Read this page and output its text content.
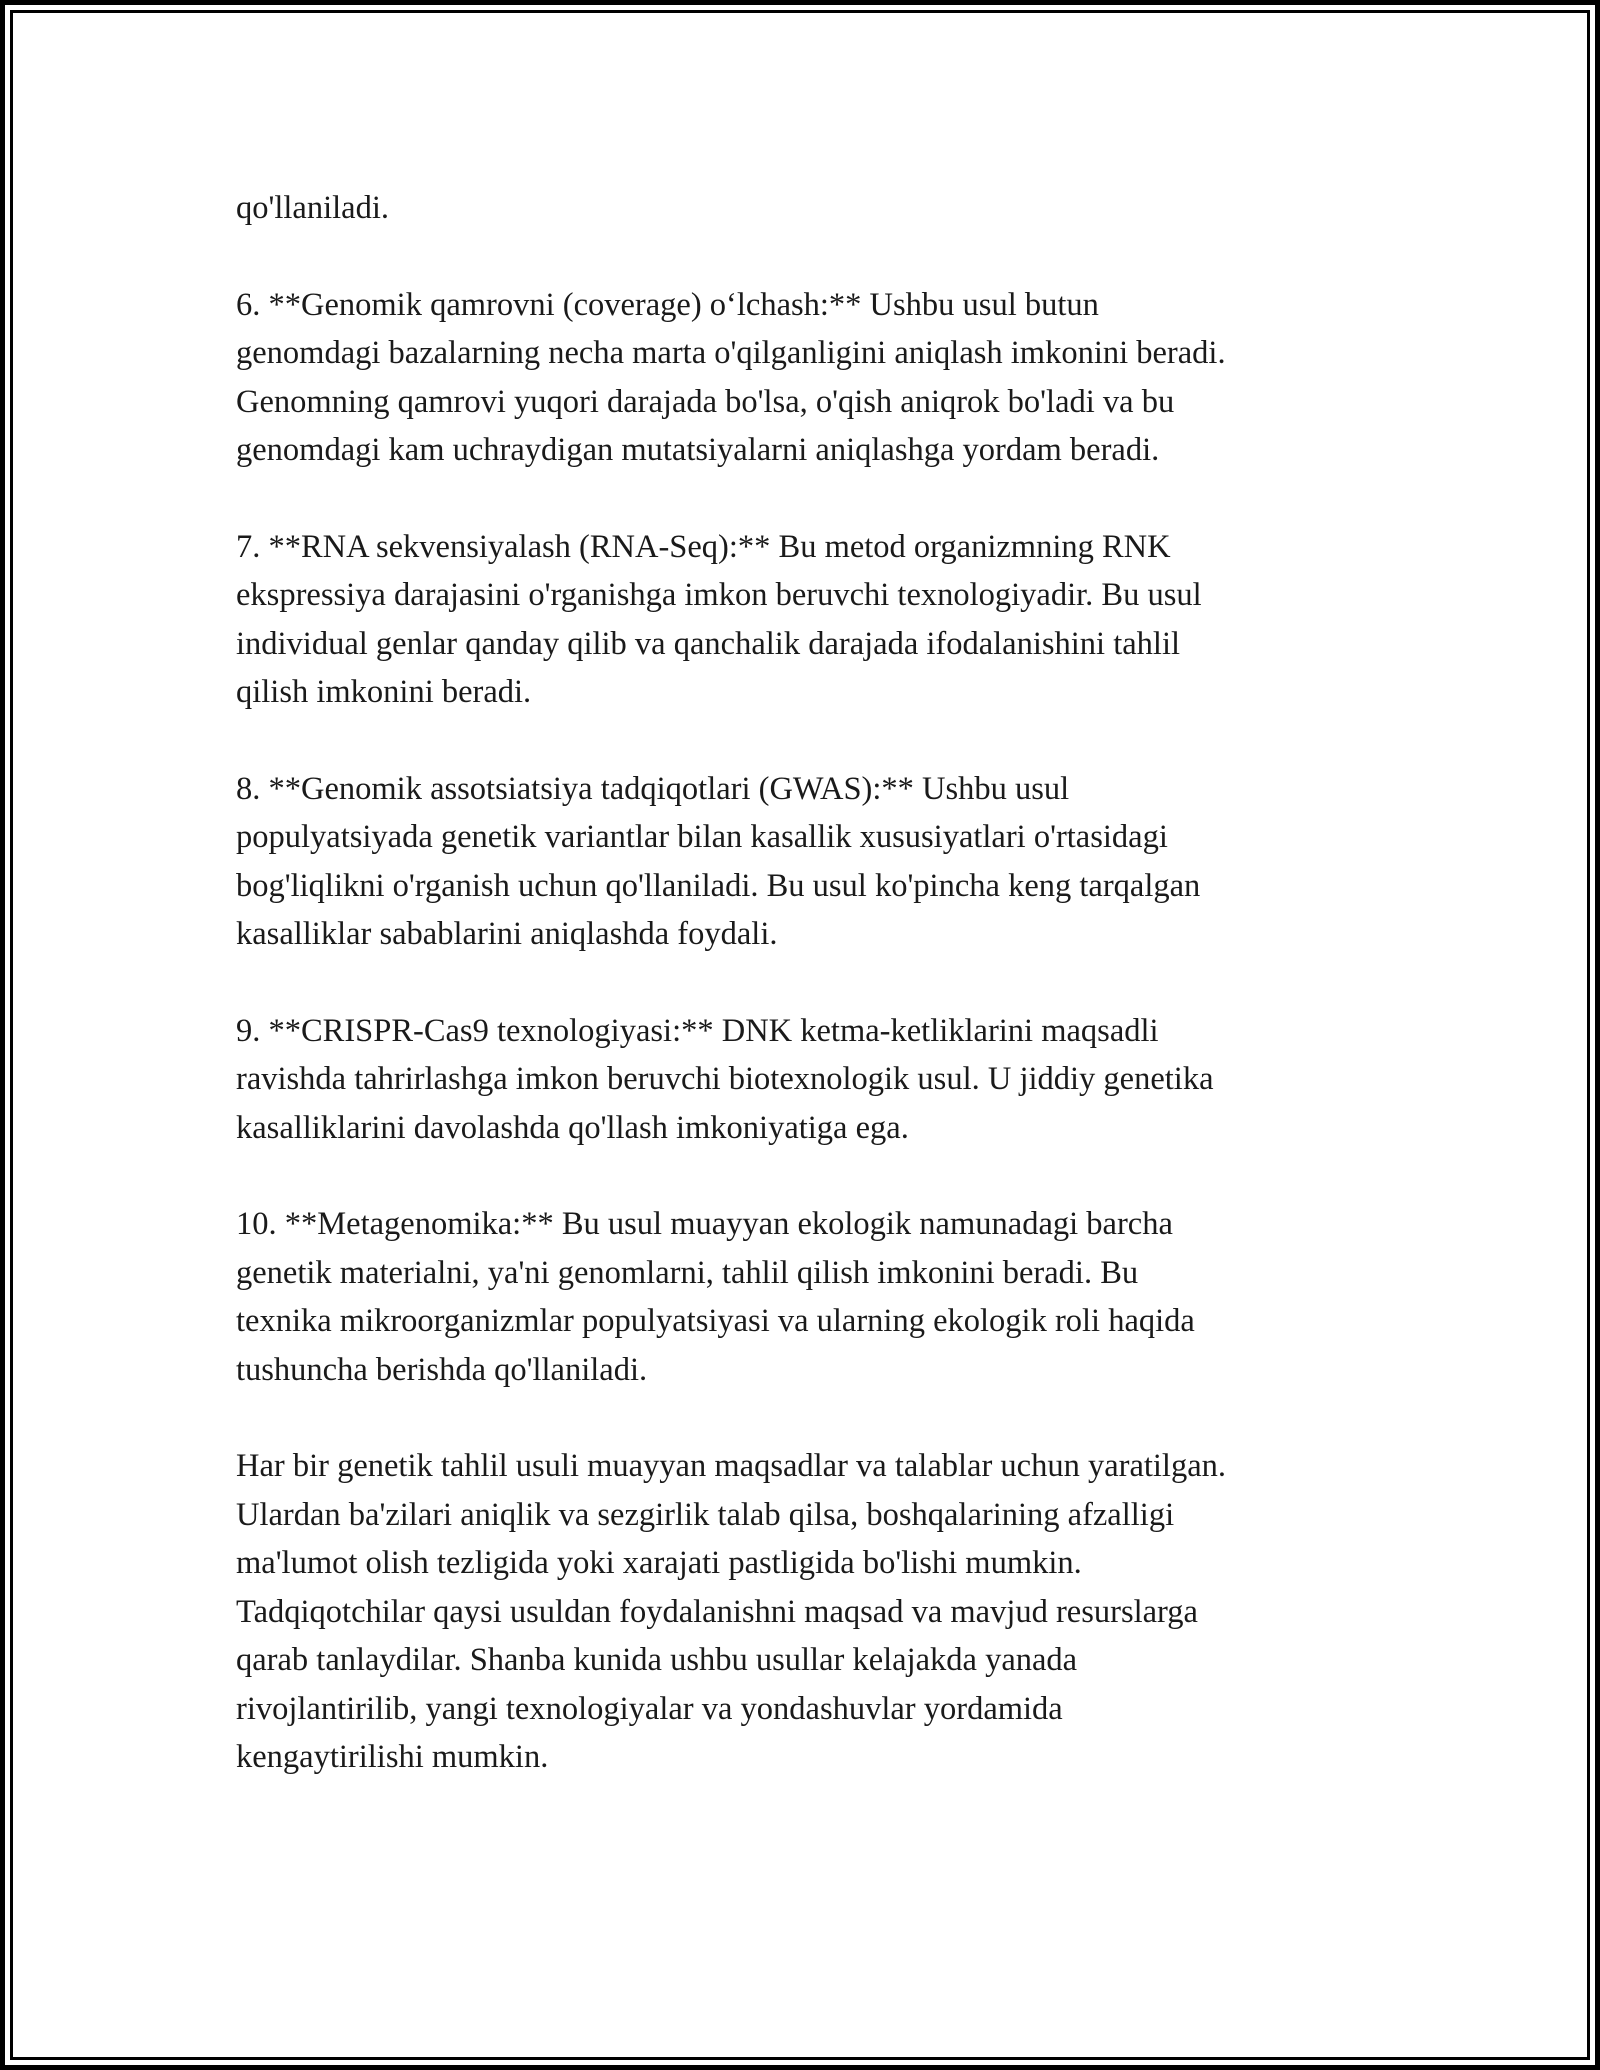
qo'llaniladi.

6. **Genomik qamrovni (coverage) o‘lchash:** Ushbu usul butun
genomdagi bazalarning necha marta o'qilganligini aniqlash imkonini beradi.
Genomning qamrovi yuqori darajada bo'lsa, o'qish aniqrok bo'ladi va bu
genomdagi kam uchraydigan mutatsiyalarni aniqlashga yordam beradi.

7. **RNA sekvensiyalash (RNA-Seq):** Bu metod organizmning RNK
ekspressiya darajasini o'rganishga imkon beruvchi texnologiyadir. Bu usul
individual genlar qanday qilib va qanchalik darajada ifodalanishini tahlil
qilish imkonini beradi.

8. **Genomik assotsiatsiya tadqiqotlari (GWAS):** Ushbu usul
populyatsiyada genetik variantlar bilan kasallik xususiyatlari o'rtasidagi
bog'liqlikni o'rganish uchun qo'llaniladi. Bu usul ko'pincha keng tarqalgan
kasalliklar sabablarini aniqlashda foydali.

9. **CRISPR-Cas9 texnologiyasi:** DNK ketma-ketliklarini maqsadli
ravishda tahrirlashga imkon beruvchi biotexnologik usul. U jiddiy genetika
kasalliklarini davolashda qo'llash imkoniyatiga ega.

10. **Metagenomika:** Bu usul muayyan ekologik namunadagi barcha
genetik materialni, ya'ni genomlarni, tahlil qilish imkonini beradi. Bu
texnika mikroorganizmlar populyatsiyasi va ularning ekologik roli haqida
tushuncha berishda qo'llaniladi.

Har bir genetik tahlil usuli muayyan maqsadlar va talablar uchun yaratilgan.
Ulardan ba'zilari aniqlik va sezgirlik talab qilsa, boshqalarining afzalligi
ma'lumot olish tezligida yoki xarajati pastligida bo'lishi mumkin.
Tadqiqotchilar qaysi usuldan foydalanishni maqsad va mavjud resurslarga
qarab tanlaydilar. Shanba kunida ushbu usullar kelajakda yanada
rivojlantirilib, yangi texnologiyalar va yondashuvlar yordamida
kengaytirilishi mumkin.
